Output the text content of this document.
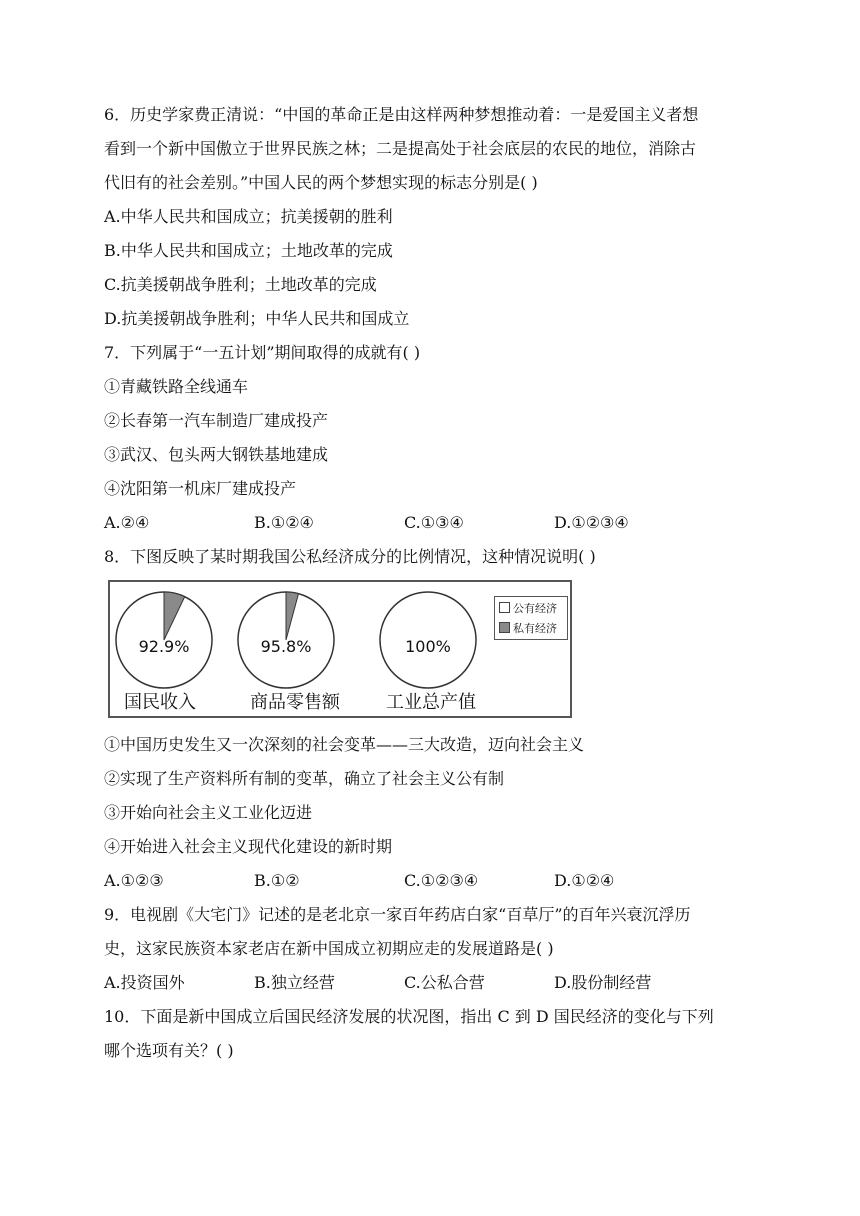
6．历史学家费正清说：“中国的革命正是由这样两种梦想推动着：一是爱国主义者想
看到一个新中国傲立于世界民族之林；二是提高处于社会底层的农民的地位，消除古
代旧有的社会差别。”中国人民的两个梦想实现的标志分别是( )
A.中华人民共和国成立；抗美援朝的胜利
B.中华人民共和国成立；土地改革的完成
C.抗美援朝战争胜利；土地改革的完成
D.抗美援朝战争胜利；中华人民共和国成立
7．下列属于“一五计划”期间取得的成就有( )
①青藏铁路全线通车
②长春第一汽车制造厂建成投产
③武汉、包头两大钢铁基地建成
④沈阳第一机床厂建成投产
A.②④	B.①②④	C.①③④	D.①②③④
8．下图反映了某时期我国公私经济成分的比例情况，这种情况说明( )
92.9%	95.8%	100%
国民收入	商品零售额	工业总产值
公有经济
私有经济
①中国历史发生又一次深刻的社会变革——三大改造，迈向社会主义
②实现了生产资料所有制的变革，确立了社会主义公有制
③开始向社会主义工业化迈进
④开始进入社会主义现代化建设的新时期
A.①②③	B.①②	C.①②③④	D.①②④
9．电视剧《大宅门》记述的是老北京一家百年药店白家“百草厅”的百年兴衰沉浮历
史，这家民族资本家老店在新中国成立初期应走的发展道路是( )
A.投资国外	B.独立经营	C.公私合营	D.股份制经营
10．下面是新中国成立后国民经济发展的状况图，指出 C 到 D 国民经济的变化与下列
哪个选项有关？( )
